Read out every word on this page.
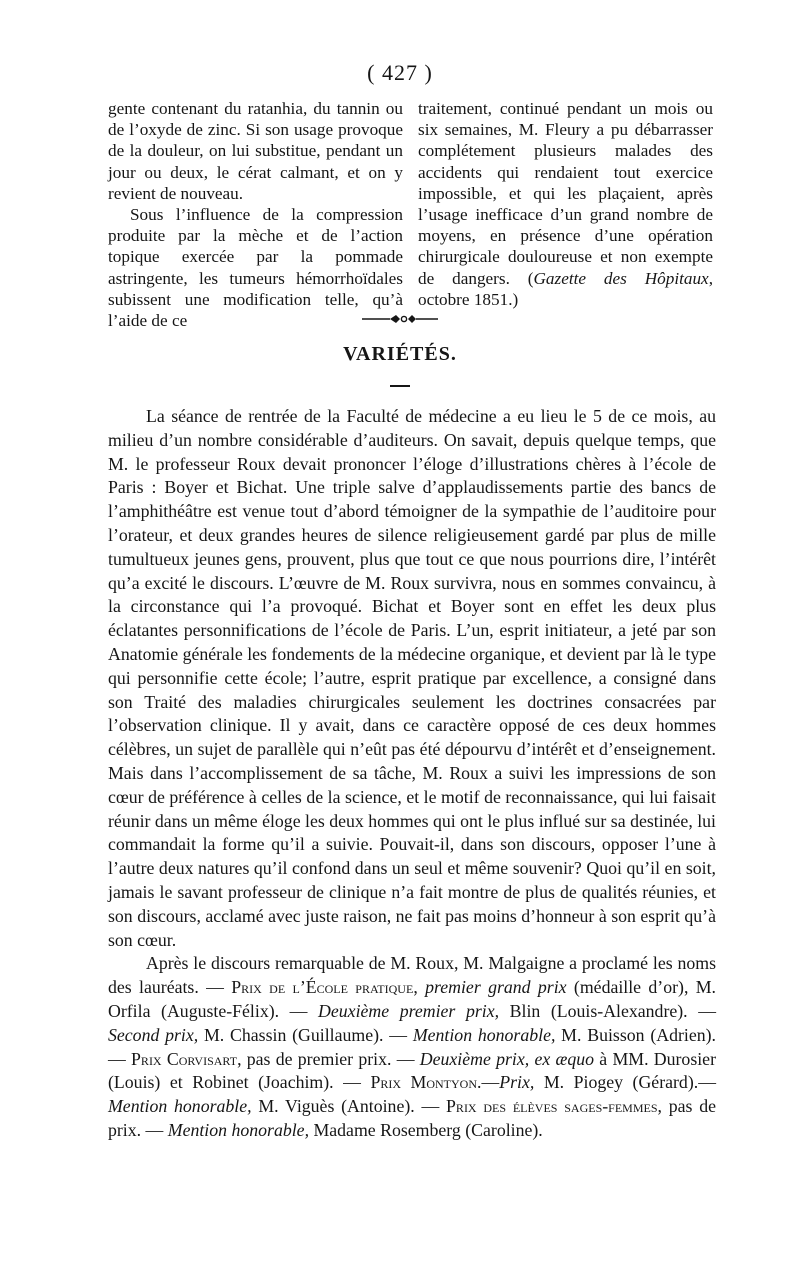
( 427 )

gente contenant du ratanhia, du tannin ou de l’oxyde de zinc. Si son usage provoque de la douleur, on lui substitue, pendant un jour ou deux, le cérat calmant, et on y revient de nouveau.

Sous l’influence de la compression produite par la mèche et de l’action topique exercée par la pommade astringente, les tumeurs hémorrhoïdales subissent une modification telle, qu’à l’aide de ce

traitement, continué pendant un mois ou six semaines, M. Fleury a pu débarrasser complétement plusieurs malades des accidents qui rendaient tout exercice impossible, et qui les plaçaient, après l’usage inefficace d’un grand nombre de moyens, en présence d’une opération chirurgicale douloureuse et non exempte de dangers. (Gazette des Hôpitaux, octobre 1851.)

VARIÉTÉS.

La séance de rentrée de la Faculté de médecine a eu lieu le 5 de ce mois, au milieu d’un nombre considérable d’auditeurs. On savait, depuis quelque temps, que M. le professeur Roux devait prononcer l’éloge d’illustrations chères à l’école de Paris : Boyer et Bichat. Une triple salve d’applaudissements partie des bancs de l’amphithéâtre est venue tout d’abord témoigner de la sympathie de l’auditoire pour l’orateur, et deux grandes heures de silence religieusement gardé par plus de mille tumultueux jeunes gens, prouvent, plus que tout ce que nous pourrions dire, l’intérêt qu’a excité le discours. L’œuvre de M. Roux survivra, nous en sommes convaincu, à la circonstance qui l’a provoqué. Bichat et Boyer sont en effet les deux plus éclatantes personnifications de l’école de Paris. L’un, esprit initiateur, a jeté par son Anatomie générale les fondements de la médecine organique, et devient par là le type qui personnifie cette école; l’autre, esprit pratique par excellence, a consigné dans son Traité des maladies chirurgicales seulement les doctrines consacrées par l’observation clinique. Il y avait, dans ce caractère opposé de ces deux hommes célèbres, un sujet de parallèle qui n’eût pas été dépourvu d’intérêt et d’enseignement. Mais dans l’accomplissement de sa tâche, M. Roux a suivi les impressions de son cœur de préférence à celles de la science, et le motif de reconnaissance, qui lui faisait réunir dans un même éloge les deux hommes qui ont le plus influé sur sa destinée, lui commandait la forme qu’il a suivie. Pouvait-il, dans son discours, opposer l’une à l’autre deux natures qu’il confond dans un seul et même souvenir? Quoi qu’il en soit, jamais le savant professeur de clinique n’a fait montre de plus de qualités réunies, et son discours, acclamé avec juste raison, ne fait pas moins d’honneur à son esprit qu’à son cœur.

Après le discours remarquable de M. Roux, M. Malgaigne a proclamé les noms des lauréats. — Prix de l’École pratique, premier grand prix (médaille d’or), M. Orfila (Auguste-Félix). — Deuxième premier prix, Blin (Louis-Alexandre). — Second prix, M. Chassin (Guillaume). — Mention honorable, M. Buisson (Adrien). — Prix Corvisart, pas de premier prix. — Deuxième prix, ex æquo à MM. Durosier (Louis) et Robinet (Joachim). — Prix Montyon.—Prix, M. Piogey (Gérard).—Mention honorable, M. Viguès (Antoine). — Prix des élèves sages-femmes, pas de prix. — Mention honorable, Madame Rosemberg (Caroline).
